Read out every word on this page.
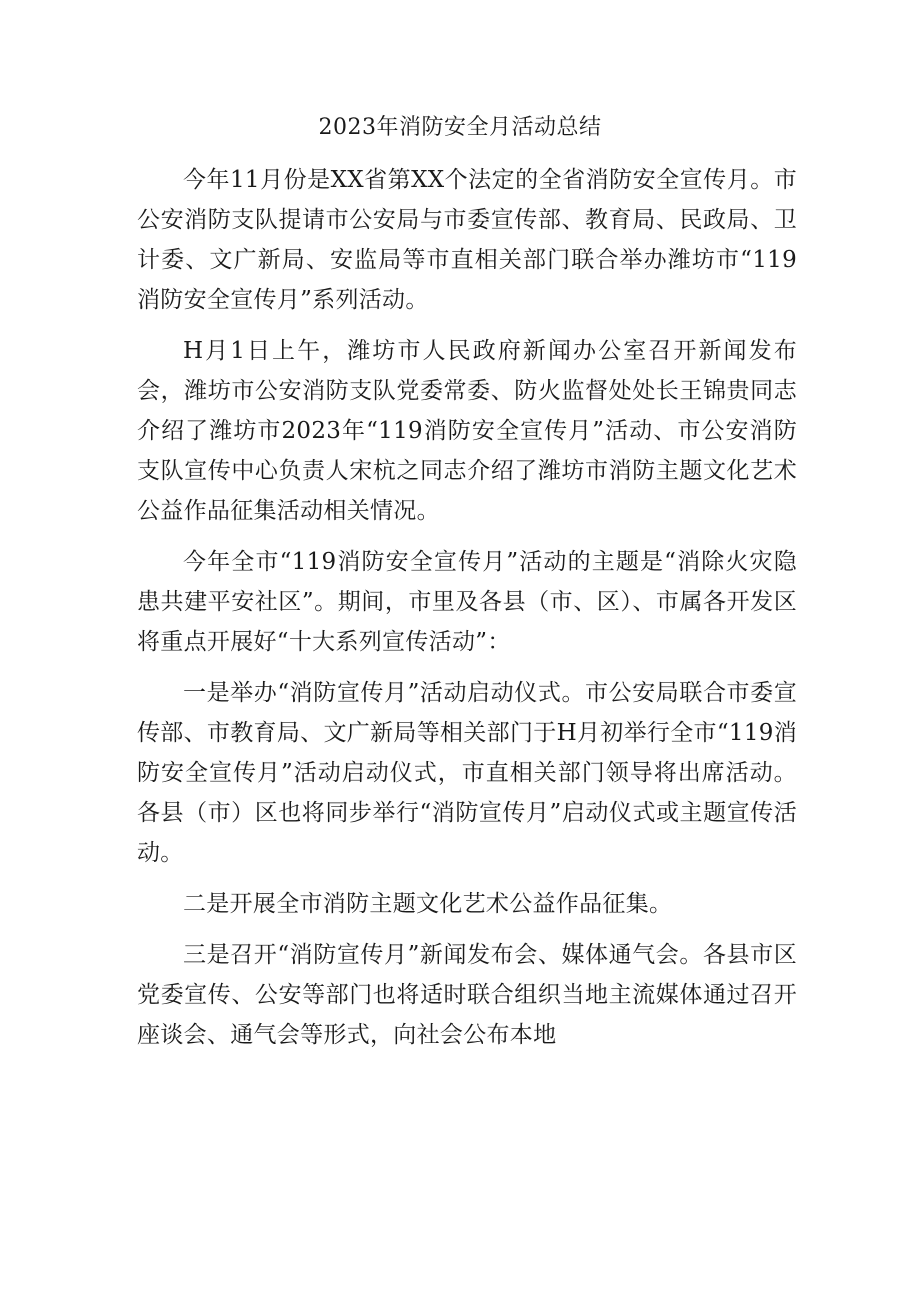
2023年消防安全月活动总结

今年11月份是XX省第XX个法定的全省消防安全宣传月。市公安消防支队提请市公安局与市委宣传部、教育局、民政局、卫计委、文广新局、安监局等市直相关部门联合举办潍坊市“119消防安全宣传月”系列活动。

H月1日上午，潍坊市人民政府新闻办公室召开新闻发布会，潍坊市公安消防支队党委常委、防火监督处处长王锦贵同志介绍了潍坊市2023年“119消防安全宣传月”活动、市公安消防支队宣传中心负责人宋杭之同志介绍了潍坊市消防主题文化艺术公益作品征集活动相关情况。

今年全市“119消防安全宣传月”活动的主题是“消除火灾隐患共建平安社区”。期间，市里及各县（市、区）、市属各开发区将重点开展好“十大系列宣传活动”：

一是举办“消防宣传月”活动启动仪式。市公安局联合市委宣传部、市教育局、文广新局等相关部门于H月初举行全市“119消防安全宣传月”活动启动仪式，市直相关部门领导将出席活动。各县（市）区也将同步举行“消防宣传月”启动仪式或主题宣传活动。

二是开展全市消防主题文化艺术公益作品征集。

三是召开“消防宣传月”新闻发布会、媒体通气会。各县市区党委宣传、公安等部门也将适时联合组织当地主流媒体通过召开座谈会、通气会等形式，向社会公布本地
